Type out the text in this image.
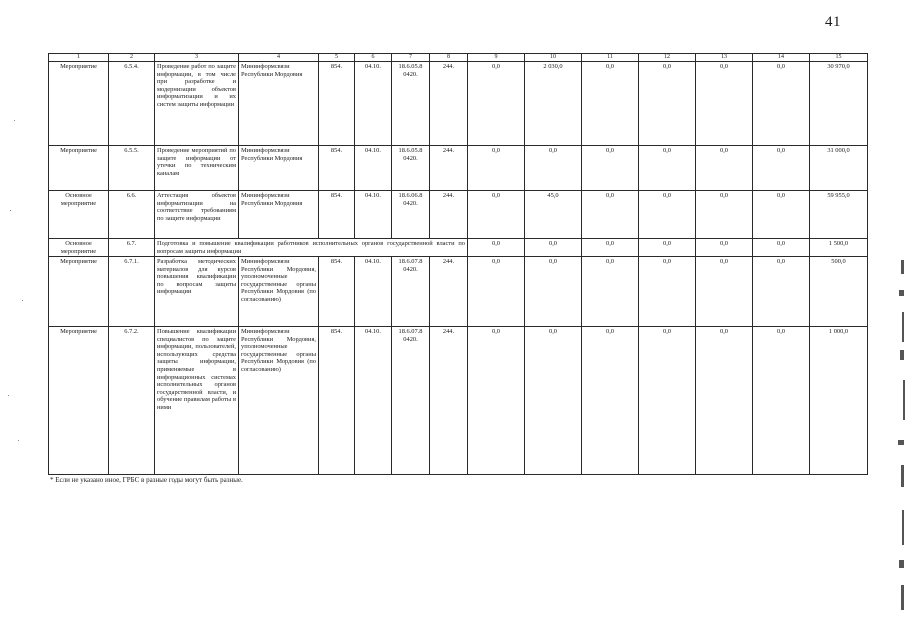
41
1	2	3	4	5	6	7	8	9	10	11	12	13	14	15
Мероприятие	6.5.4.	Проведение работ по защите информации, в том числе при разработке и модернизации объектов информатизации и их систем защиты информации	Мининформсвязи Республики Мордовия	854.	04.10.	18.6.05.8 0420.	244.	0,0	2 030,0	0,0	0,0	0,0	0,0	30 970,0
Мероприятие	6.5.5.	Проведение мероприятий по защите информации от утечки по техническим каналам	Мининформсвязи Республики Мордовия	854.	04.10.	18.6.05.8 0420.	244.	0,0	0,0	0,0	0,0	0,0	0,0	31 000,0
Основное мероприятие	6.6.	Аттестация объектов информатизации на соответствие требованиям по защите информации	Мининформсвязи Республики Мордовия	854.	04.10.	18.6.06.8 0420.	244.	0,0	45,0	0,0	0,0	0,0	0,0	59 955,0
Основное мероприятие	6.7.	Подготовка и повышение квалификации работников исполнительных органов государственной власти по вопросам защиты информации						0,0	0,0	0,0	0,0	0,0	0,0	1 500,0
Мероприятие	6.7.1.	Разработка методических материалов для курсов повышения квалификации по вопросам защиты информации	Мининформсвязи Республики Мордовия, уполномоченные государственные органы Республики Мордовия (по согласованию)	854.	04.10.	18.6.07.8 0420.	244.	0,0	0,0	0,0	0,0	0,0	0,0	500,0
Мероприятие	6.7.2.	Повышение квалификации специалистов по защите информации, пользователей, использующих средства защиты информации, применяемые в информационных системах исполнительных органов государственной власти, и обучение правилам работы в ними	Мининформсвязи Республики Мордовия, уполномоченные государственные органы Республики Мордовия (по согласованию)	854.	04.10.	18.6.07.8 0420.	244.	0,0	0,0	0,0	0,0	0,0	0,0	1 000,0
* Если не указано иное, ГРБС в разные годы могут быть разные.
